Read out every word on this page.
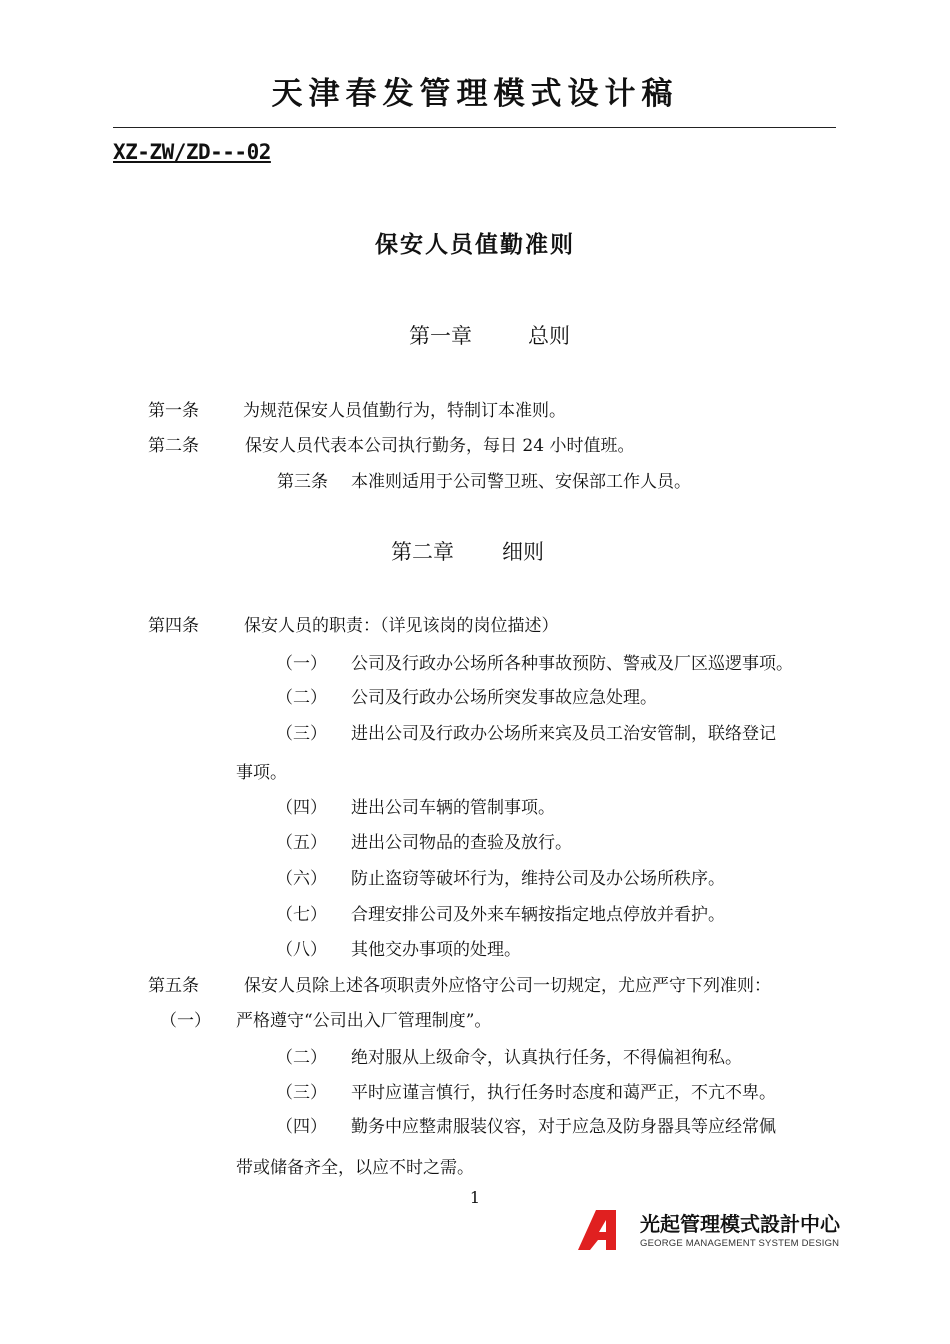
天津春发管理模式设计稿
XZ-ZW/ZD---02
保安人员值勤准则
第一章	总则
第一条	为规范保安人员值勤行为，特制订本准则。
第二条	保安人员代表本公司执行勤务，每日 24 小时值班。
第三条 本准则适用于公司警卫班、安保部工作人员。
第二章 细则
第四条	保安人员的职责：（详见该岗的岗位描述）
（一） 公司及行政办公场所各种事故预防、警戒及厂区巡逻事项。
（二） 公司及行政办公场所突发事故应急处理。
（三） 进出公司及行政办公场所来宾及员工治安管制，联络登记
事项。
（四） 进出公司车辆的管制事项。
（五） 进出公司物品的查验及放行。
（六） 防止盗窃等破坏行为，维持公司及办公场所秩序。
（七） 合理安排公司及外来车辆按指定地点停放并看护。
（八） 其他交办事项的处理。
第五条	保安人员除上述各项职责外应恪守公司一切规定，尤应严守下列准则：
（一） 严格遵守“公司出入厂管理制度”。
（二） 绝对服从上级命令，认真执行任务，不得偏袒徇私。
（三） 平时应谨言慎行，执行任务时态度和蔼严正，不亢不卑。
（四） 勤务中应整肃服装仪容，对于应急及防身器具等应经常佩
带或储备齐全，以应不时之需。
1
光起管理模式設計中心
GEORGE MANAGEMENT SYSTEM DESIGN
